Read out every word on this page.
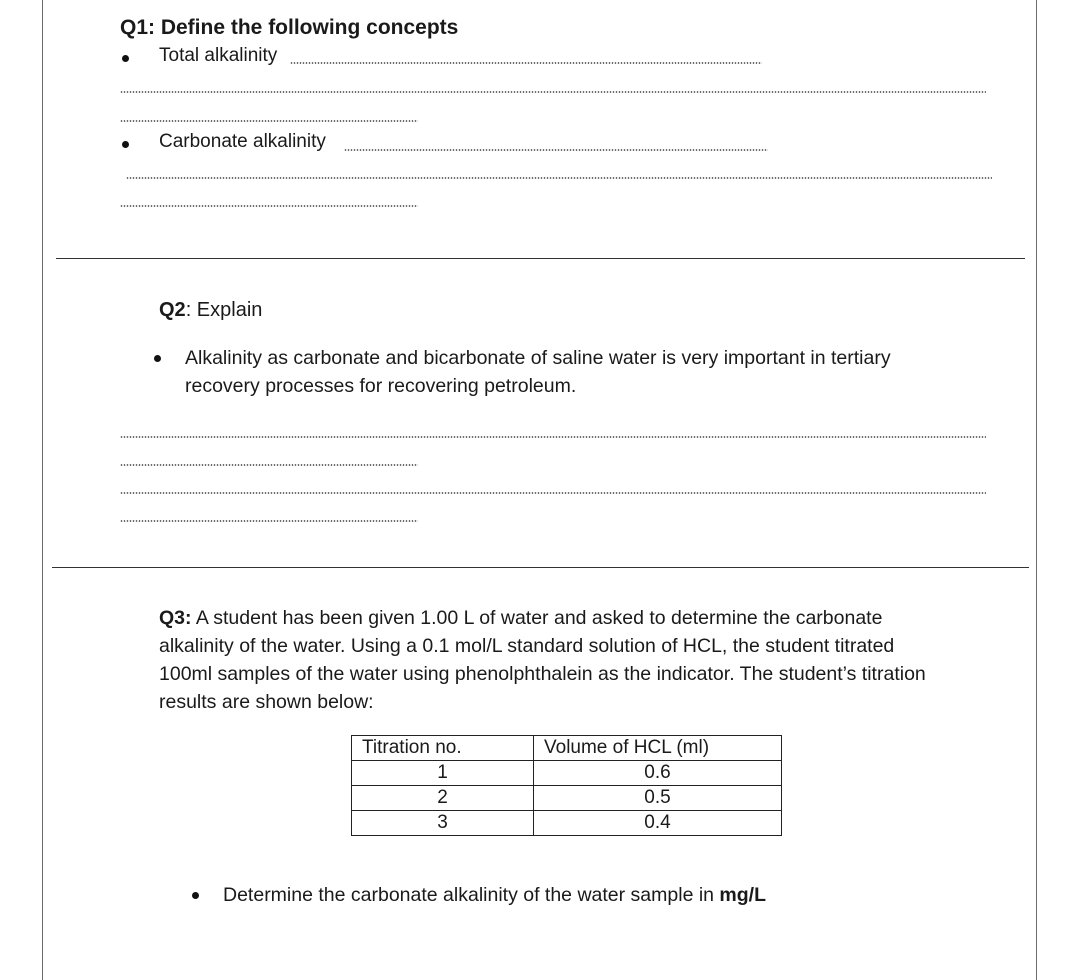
Q1: Define the following concepts
Total alkalinity
Carbonate alkalinity
Q2: Explain
Alkalinity as carbonate and bicarbonate of saline water is very important in tertiary recovery processes for recovering petroleum.
Q3: A student has been given 1.00 L of water and asked to determine the carbonate alkalinity of the water. Using a 0.1 mol/L standard solution of HCL, the student titrated 100ml samples of the water using phenolphthalein as the indicator. The student’s titration results are shown below:
Titration no.	Volume of HCL (ml)
1	0.6
2	0.5
3	0.4
Determine the carbonate alkalinity of the water sample in mg/L
